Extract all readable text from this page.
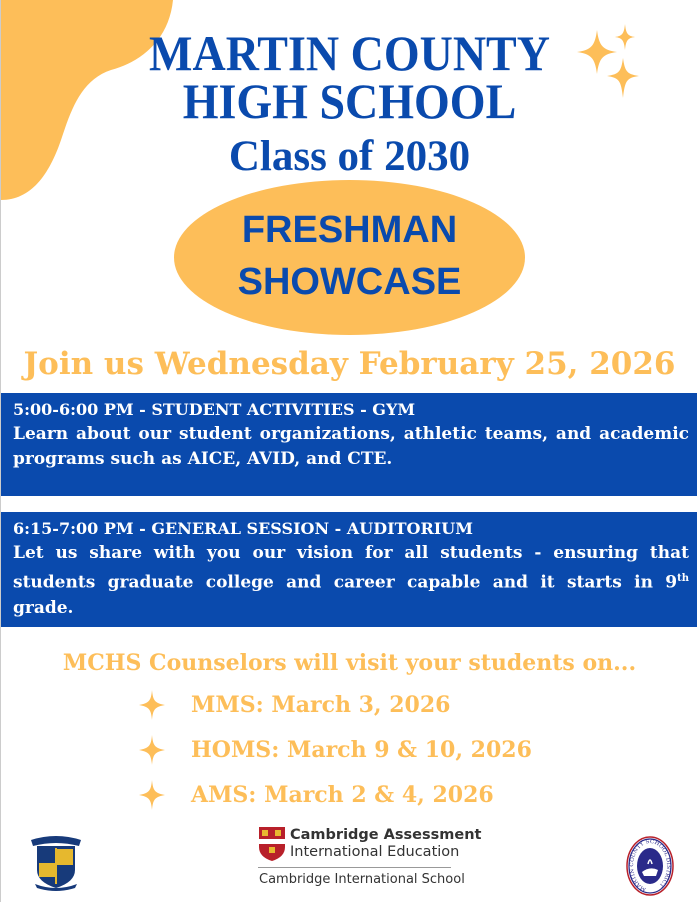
MARTIN COUNTY
HIGH SCHOOL
Class of 2030
FRESHMAN
SHOWCASE
Join us Wednesday February 25, 2026
5:00-6:00 PM - STUDENT ACTIVITIES - GYM

Learn about our student organizations, athletic teams, and academic programs such as AICE, AVID, and CTE.

6:15-7:00 PM - GENERAL SESSION - AUDITORIUM

Let us share with you our vision for all students - ensuring that students graduate college and career capable and it starts in 9th grade.

MCHS Counselors will visit your students on...
MMS: March 3, 2026
HOMS: March 9 & 10, 2026
AMS: March 2 & 4, 2026
Cambridge Assessment
International Education
Cambridge International School
MARTIN COUNTY SCHOOL DISTRICT
